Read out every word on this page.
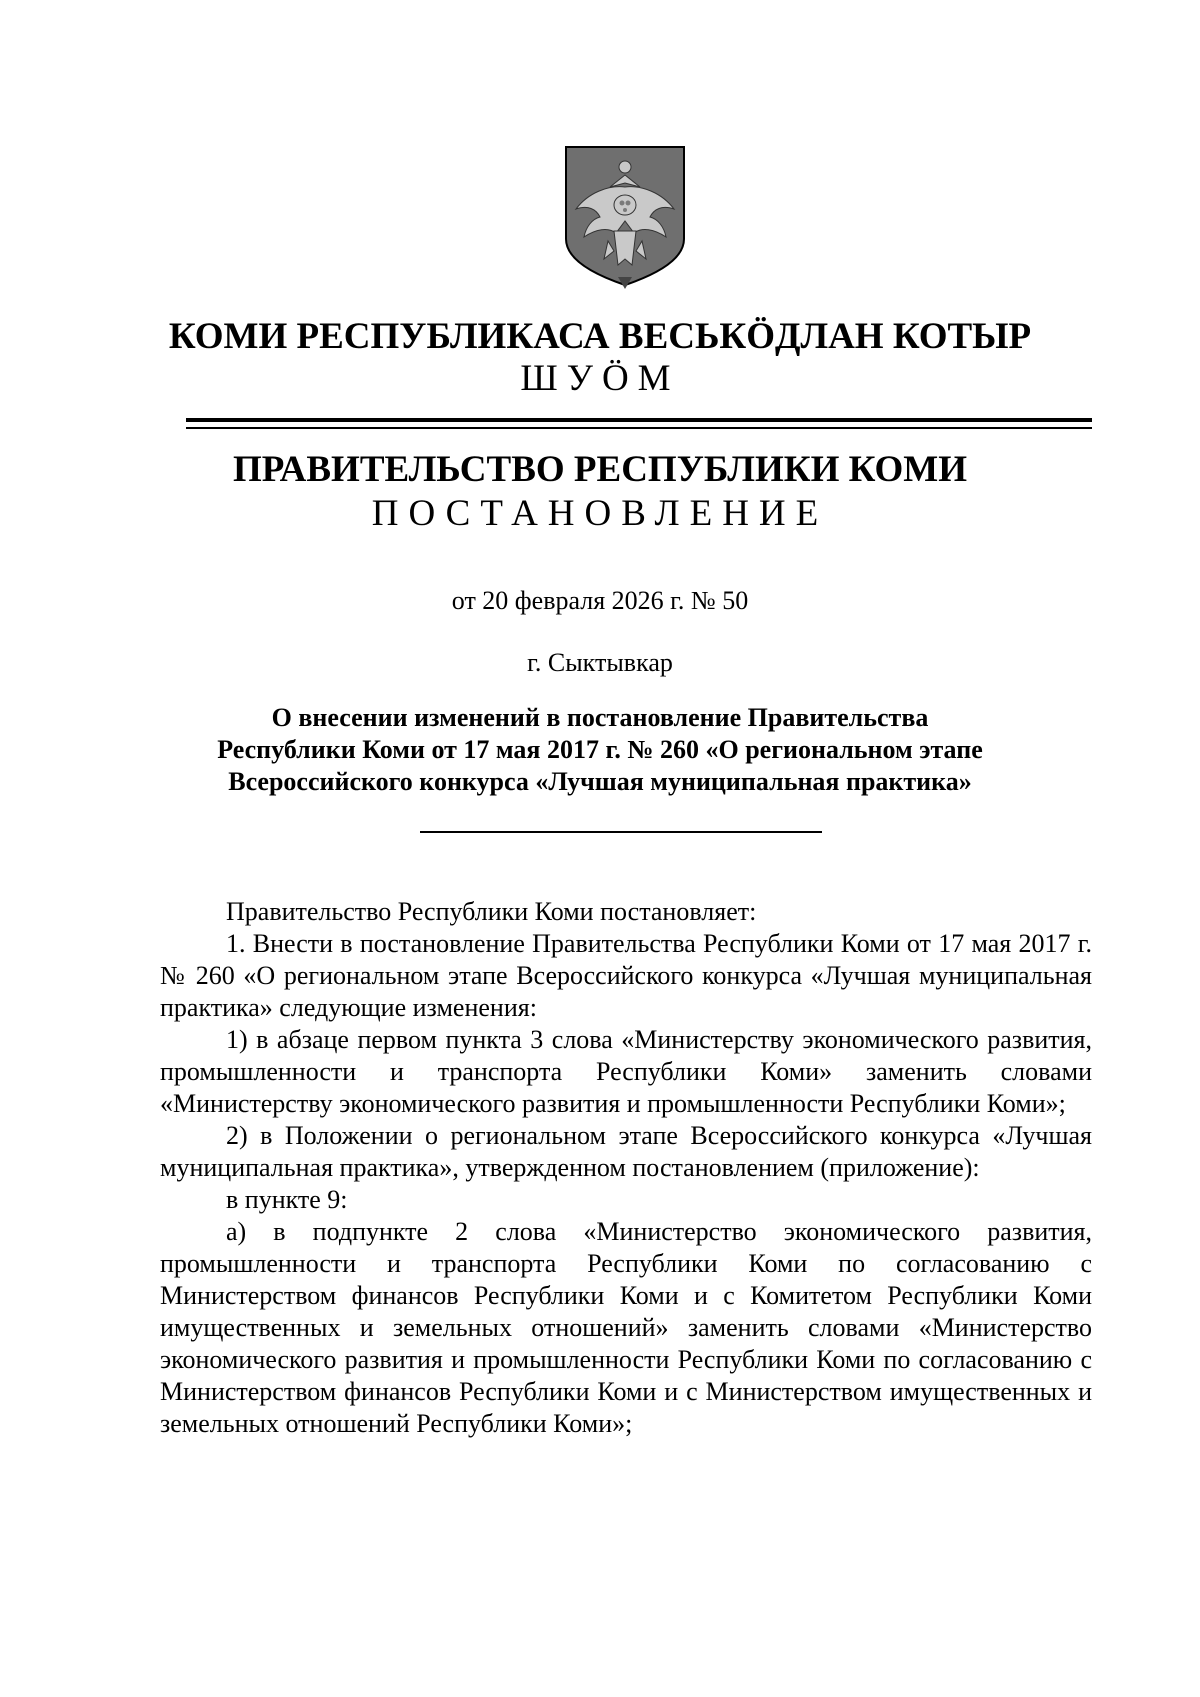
КОМИ РЕСПУБЛИКАСА ВЕСЬКӦДЛАН КОТЫР
ШУӦМ
ПРАВИТЕЛЬСТВО РЕСПУБЛИКИ КОМИ
ПОСТАНОВЛЕНИЕ
от 20 февраля 2026 г. № 50
г. Сыктывкар
О внесении изменений в постановление Правительства
Республики Коми от 17 мая 2017 г. № 260 «О региональном этапе
Всероссийского конкурса «Лучшая муниципальная практика»

Правительство Республики Коми постановляет:

1. Внести в постановление Правительства Республики Коми от 17 мая 2017 г. № 260 «О региональном этапе Всероссийского конкурса «Лучшая муниципальная практика» следующие изменения:

1) в абзаце первом пункта 3 слова «Министерству экономического развития, промышленности и транспорта Республики Коми» заменить словами «Министерству экономического развития и промышленности Республики Коми»;

2) в Положении о региональном этапе Всероссийского конкурса «Лучшая муниципальная практика», утвержденном постановлением (приложение):

в пункте 9:

а) в подпункте 2 слова «Министерство экономического развития, промышленности и транспорта Республики Коми по согласованию с Министерством финансов Республики Коми и с Комитетом Республики Коми имущественных и земельных отношений» заменить словами «Министерство экономического развития и промышленности Республики Коми по согласованию с Министерством финансов Республики Коми и с Министерством имущественных и земельных отношений Республики Коми»;
